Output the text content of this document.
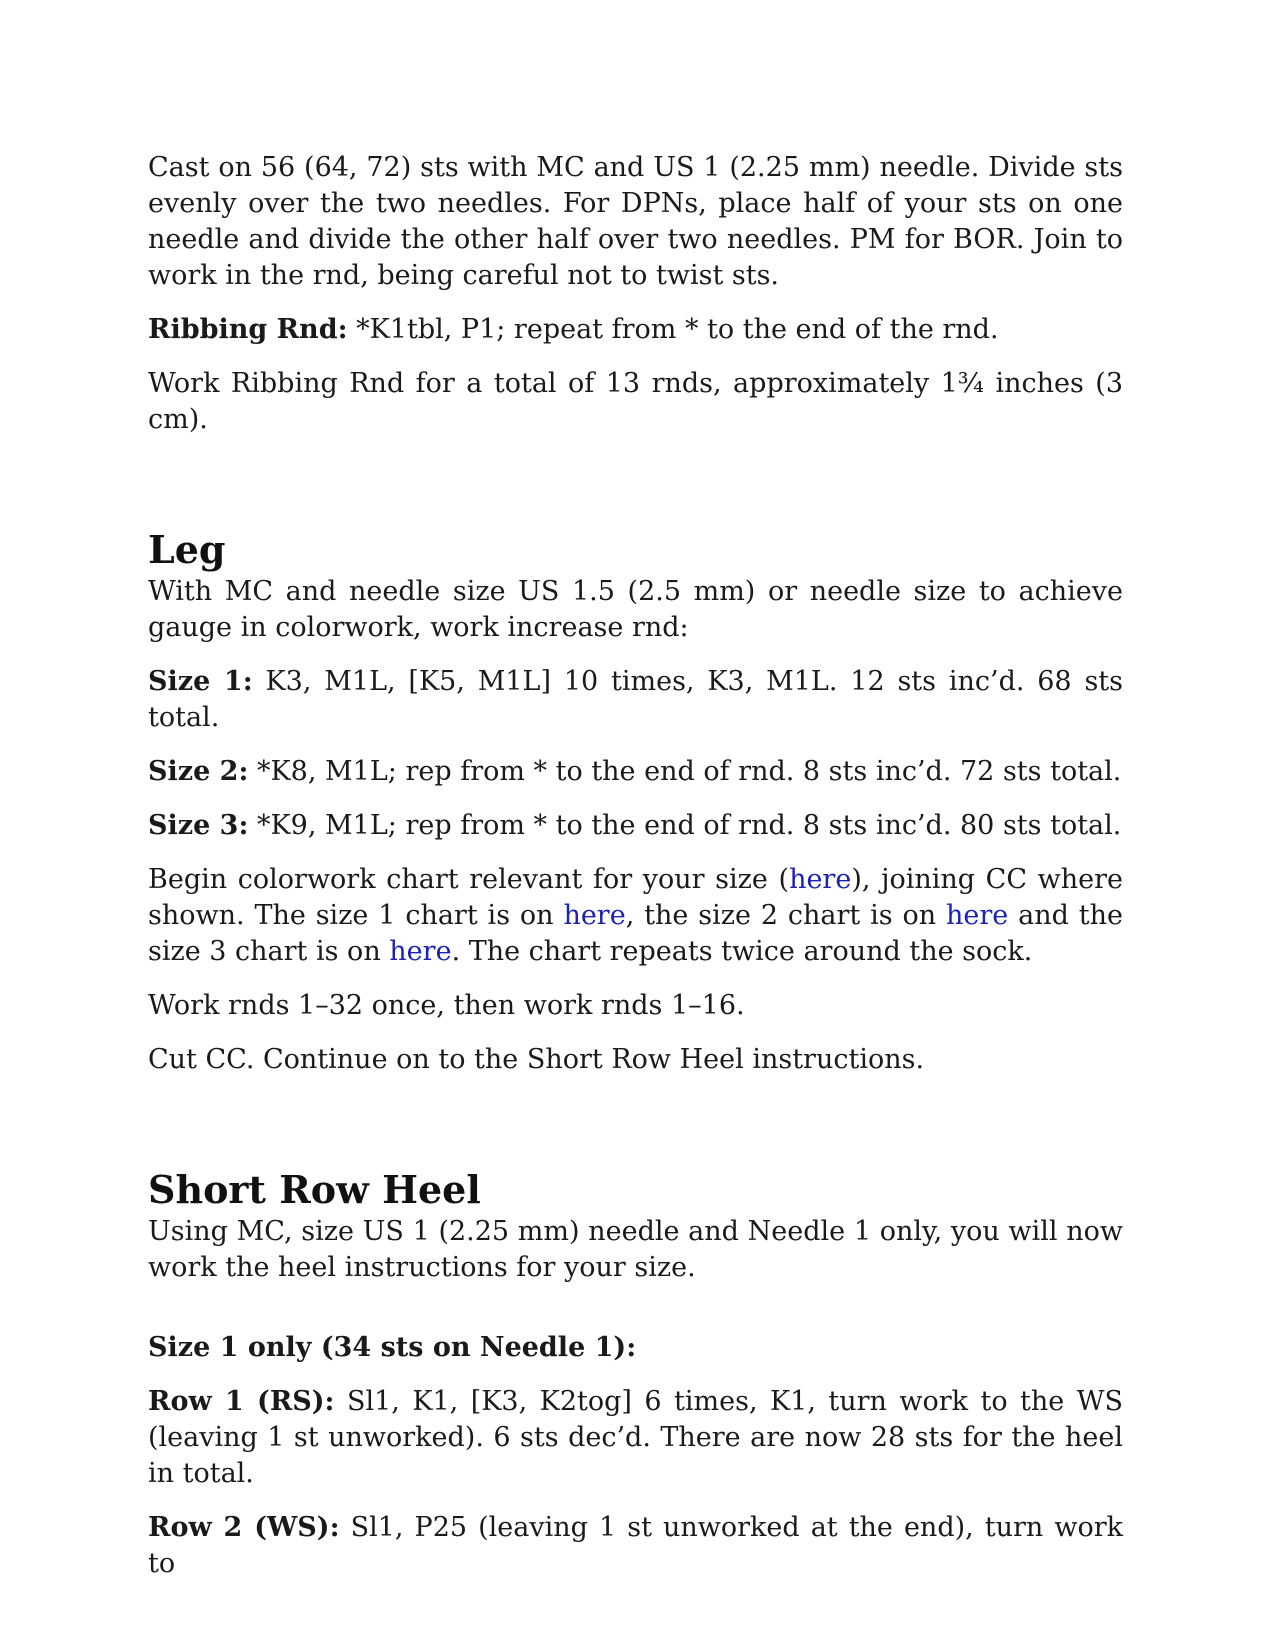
Cast on 56 (64, 72) sts with MC and US 1 (2.25 mm) needle. Divide sts evenly over the two needles. For DPNs, place half of your sts on one needle and divide the other half over two needles. PM for BOR. Join to work in the rnd, being careful not to twist sts.

Ribbing Rnd: *K1tbl, P1; repeat from * to the end of the rnd.

Work Ribbing Rnd for a total of 13 rnds, approximately 1¾ inches (3 cm).

Leg

With MC and needle size US 1.5 (2.5 mm) or needle size to achieve gauge in colorwork, work increase rnd:

Size 1: K3, M1L, [K5, M1L] 10 times, K3, M1L. 12 sts inc’d. 68 sts total.

Size 2: *K8, M1L; rep from * to the end of rnd. 8 sts inc’d. 72 sts total.

Size 3: *K9, M1L; rep from * to the end of rnd. 8 sts inc’d. 80 sts total.

Begin colorwork chart relevant for your size (here), joining CC where shown. The size 1 chart is on here, the size 2 chart is on here and the size 3 chart is on here. The chart repeats twice around the sock.

Work rnds 1–32 once, then work rnds 1–16.

Cut CC. Continue on to the Short Row Heel instructions.

Short Row Heel

Using MC, size US 1 (2.25 mm) needle and Needle 1 only, you will now work the heel instructions for your size.

Size 1 only (34 sts on Needle 1):

Row 1 (RS): Sl1, K1, [K3, K2tog] 6 times, K1, turn work to the WS (leaving 1 st unworked). 6 sts dec’d. There are now 28 sts for the heel in total.

Row 2 (WS): Sl1, P25 (leaving 1 st unworked at the end), turn work to
